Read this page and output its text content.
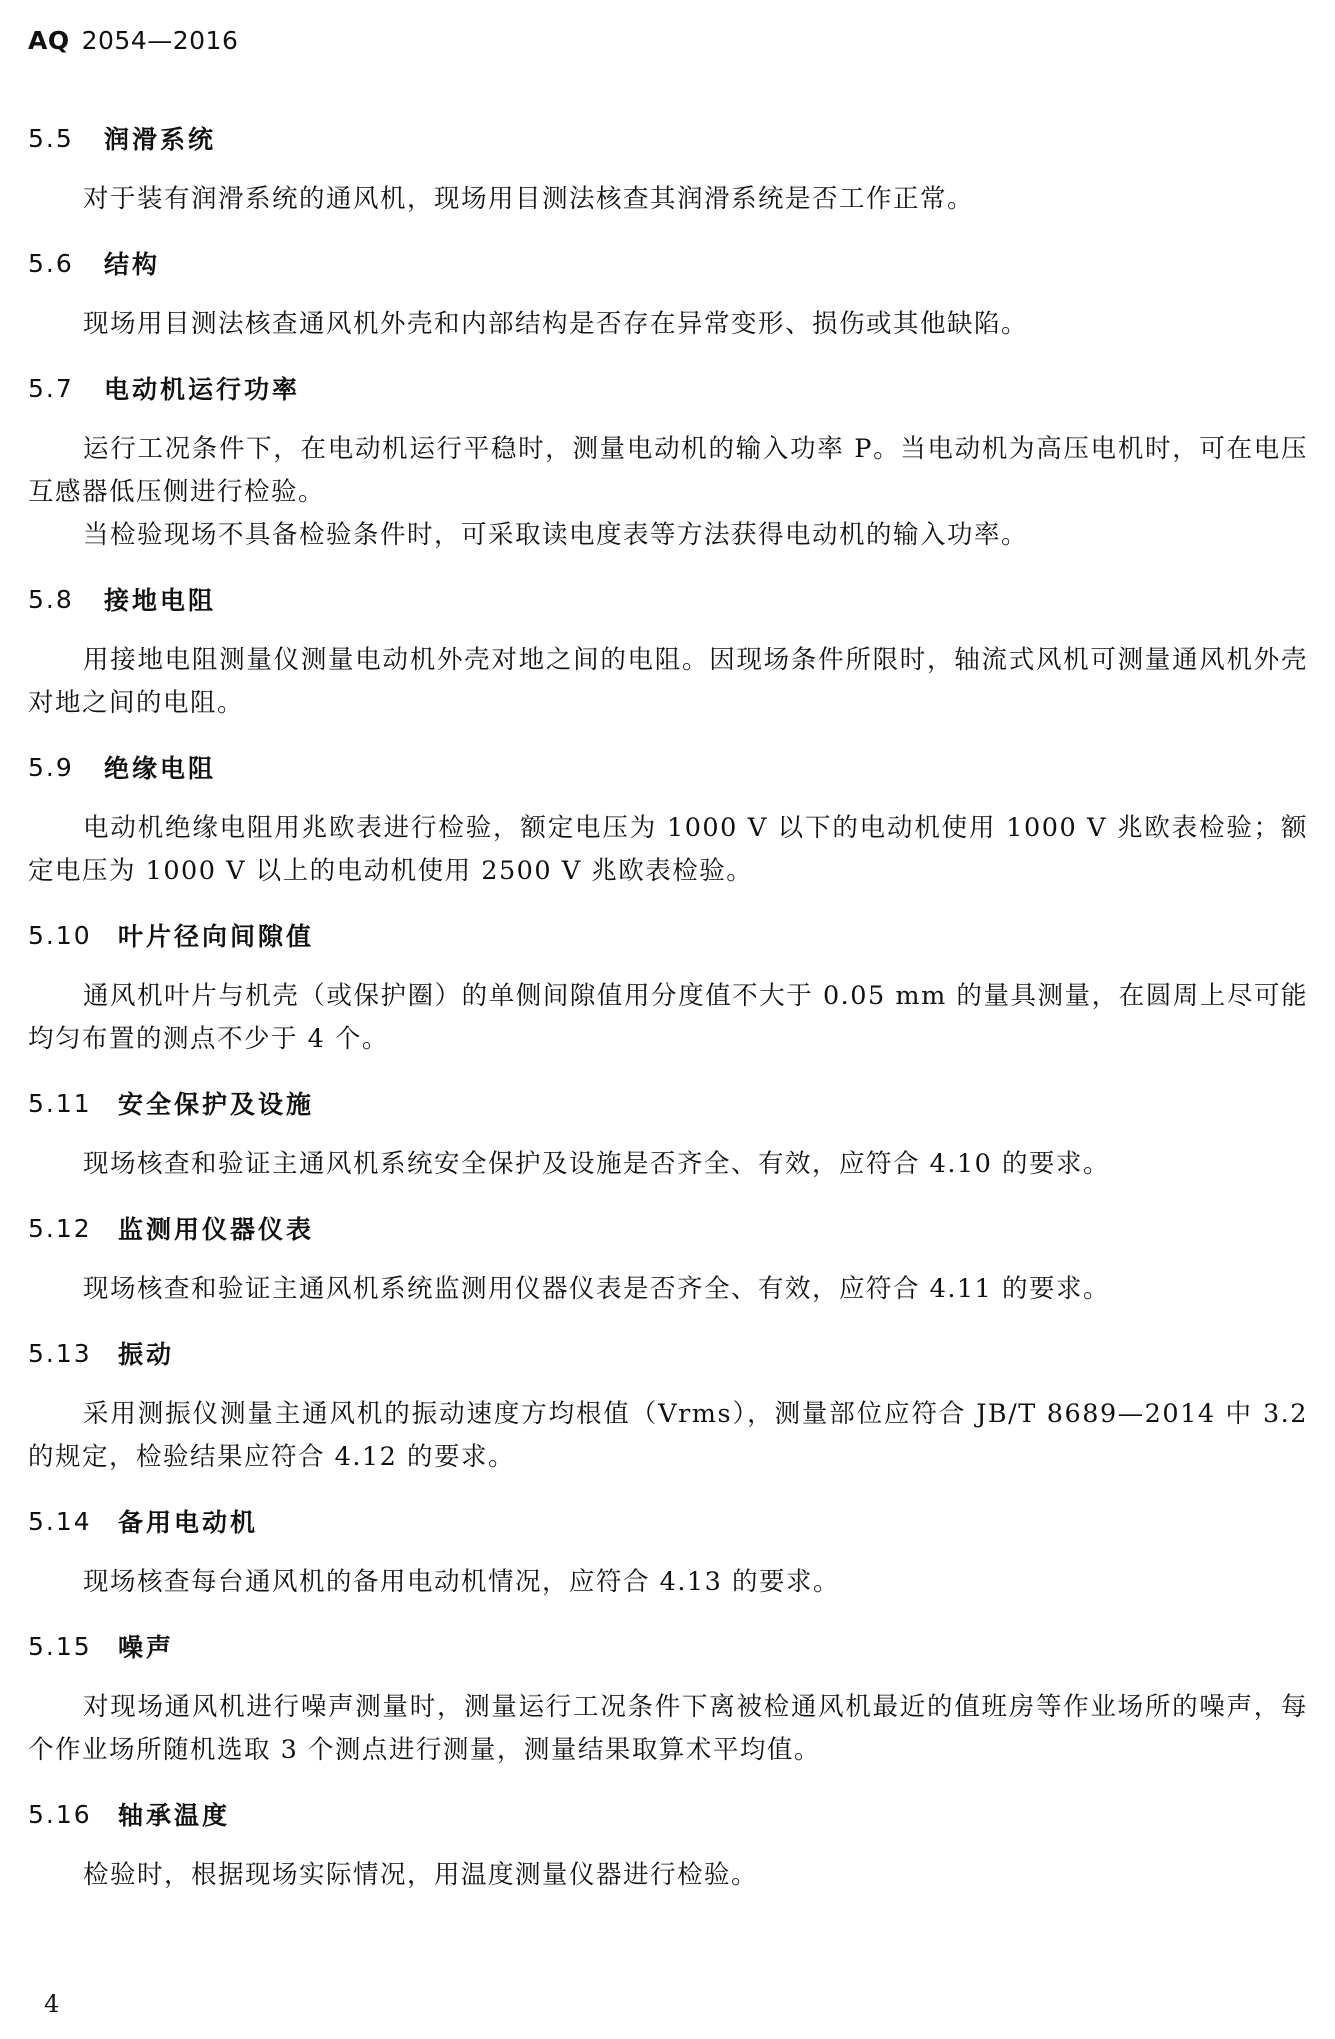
AQ 2054—2016
5.5	润滑系统

对于装有润滑系统的通风机，现场用目测法核查其润滑系统是否工作正常。

5.6	结构

现场用目测法核查通风机外壳和内部结构是否存在异常变形、损伤或其他缺陷。

5.7	电动机运行功率

运行工况条件下，在电动机运行平稳时，测量电动机的输入功率 P。当电动机为高压电机时，可在电压互感器低压侧进行检验。

当检验现场不具备检验条件时，可采取读电度表等方法获得电动机的输入功率。

5.8	接地电阻

用接地电阻测量仪测量电动机外壳对地之间的电阻。因现场条件所限时，轴流式风机可测量通风机外壳对地之间的电阻。

5.9	绝缘电阻

电动机绝缘电阻用兆欧表进行检验，额定电压为 1000 V 以下的电动机使用 1000 V 兆欧表检验；额定电压为 1000 V 以上的电动机使用 2500 V 兆欧表检验。

5.10	叶片径向间隙值

通风机叶片与机壳（或保护圈）的单侧间隙值用分度值不大于 0.05 mm 的量具测量，在圆周上尽可能均匀布置的测点不少于 4 个。

5.11	安全保护及设施

现场核查和验证主通风机系统安全保护及设施是否齐全、有效，应符合 4.10 的要求。

5.12	监测用仪器仪表

现场核查和验证主通风机系统监测用仪器仪表是否齐全、有效，应符合 4.11 的要求。

5.13	振动

采用测振仪测量主通风机的振动速度方均根值（Vrms），测量部位应符合 JB/T 8689—2014 中 3.2 的规定，检验结果应符合 4.12 的要求。

5.14	备用电动机

现场核查每台通风机的备用电动机情况，应符合 4.13 的要求。

5.15	噪声

对现场通风机进行噪声测量时，测量运行工况条件下离被检通风机最近的值班房等作业场所的噪声，每个作业场所随机选取 3 个测点进行测量，测量结果取算术平均值。

5.16	轴承温度

检验时，根据现场实际情况，用温度测量仪器进行检验。

4
